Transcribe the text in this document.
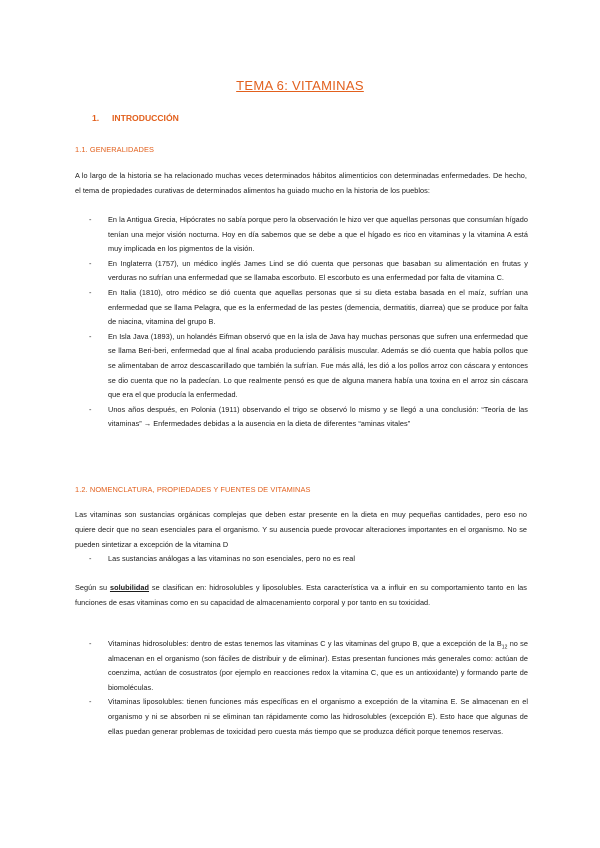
TEMA 6: VITAMINAS
1. INTRODUCCIÓN
1.1. GENERALIDADES
A lo largo de la historia se ha relacionado muchas veces determinados hábitos alimenticios con determinadas enfermedades. De hecho, el tema de propiedades curativas de determinados alimentos ha guiado mucho en la historia de los pueblos:
- En la Antigua Grecia, Hipócrates no sabía porque pero la observación le hizo ver que aquellas personas que consumían hígado tenían una mejor visión nocturna. Hoy en día sabemos que se debe a que el hígado es rico en vitaminas y la vitamina A está muy implicada en los pigmentos de la visión.
- En Inglaterra (1757), un médico inglés James Lind se dió cuenta que personas que basaban su alimentación en frutas y verduras no sufrían una enfermedad que se llamaba escorbuto. El escorbuto es una enfermedad por falta de vitamina C.
- En Italia (1810), otro médico se dió cuenta que aquellas personas que si su dieta estaba basada en el maíz, sufrían una enfermedad que se llama Pelagra, que es la enfermedad de las pestes (demencia, dermatitis, diarrea) que se produce por falta de niacina, vitamina del grupo B.
- En Isla Java (1893), un holandés Eifman observó que en la isla de Java hay muchas personas que sufren una enfermedad que se llama Beri-beri, enfermedad que al final acaba produciendo parálisis muscular. Además se dió cuenta que había pollos que se alimentaban de arroz descascarillado que también la sufrían. Fue más allá, les dió a los pollos arroz con cáscara y entonces se dio cuenta que no la padecían. Lo que realmente pensó es que de alguna manera había una toxina en el arroz sin cáscara que era el que producía la enfermedad.
- Unos años después, en Polonia (1911) observando el trigo se observó lo mismo y se llegó a una conclusión: “Teoría de las vitaminas” → Enfermedades debidas a la ausencia en la dieta de diferentes “aminas vitales”
1.2. NOMENCLATURA, PROPIEDADES Y FUENTES DE VITAMINAS
Las vitaminas son sustancias orgánicas complejas que deben estar presente en la dieta en muy pequeñas cantidades, pero eso no quiere decir que no sean esenciales para el organismo. Y su ausencia puede provocar alteraciones importantes en el organismo. No se pueden sintetizar a excepción de la vitamina D
- Las sustancias análogas a las vitaminas no son esenciales, pero no es real
Según su solubilidad se clasifican en: hidrosolubles y liposolubles. Esta característica va a influir en su comportamiento tanto en las funciones de esas vitaminas como en su capacidad de almacenamiento corporal y por tanto en su toxicidad.
- Vitaminas hidrosolubles: dentro de estas tenemos las vitaminas C y las vitaminas del grupo B, que a excepción de la $B_{12}$ no se almacenan en el organismo (son fáciles de distribuir y de eliminar). Estas presentan funciones más generales como: actúan de coenzima, actúan de cosustratos (por ejemplo en reacciones redox la vitamina C, que es un antioxidante) y formando parte de biomoléculas.
- Vitaminas liposolubles: tienen funciones más específicas en el organismo a excepción de la vitamina E. Se almacenan en el organismo y ni se absorben ni se eliminan tan rápidamente como las hidrosolubles (excepción E). Esto hace que algunas de ellas puedan generar problemas de toxicidad pero cuesta más tiempo que se produzca déficit porque tenemos reservas.
